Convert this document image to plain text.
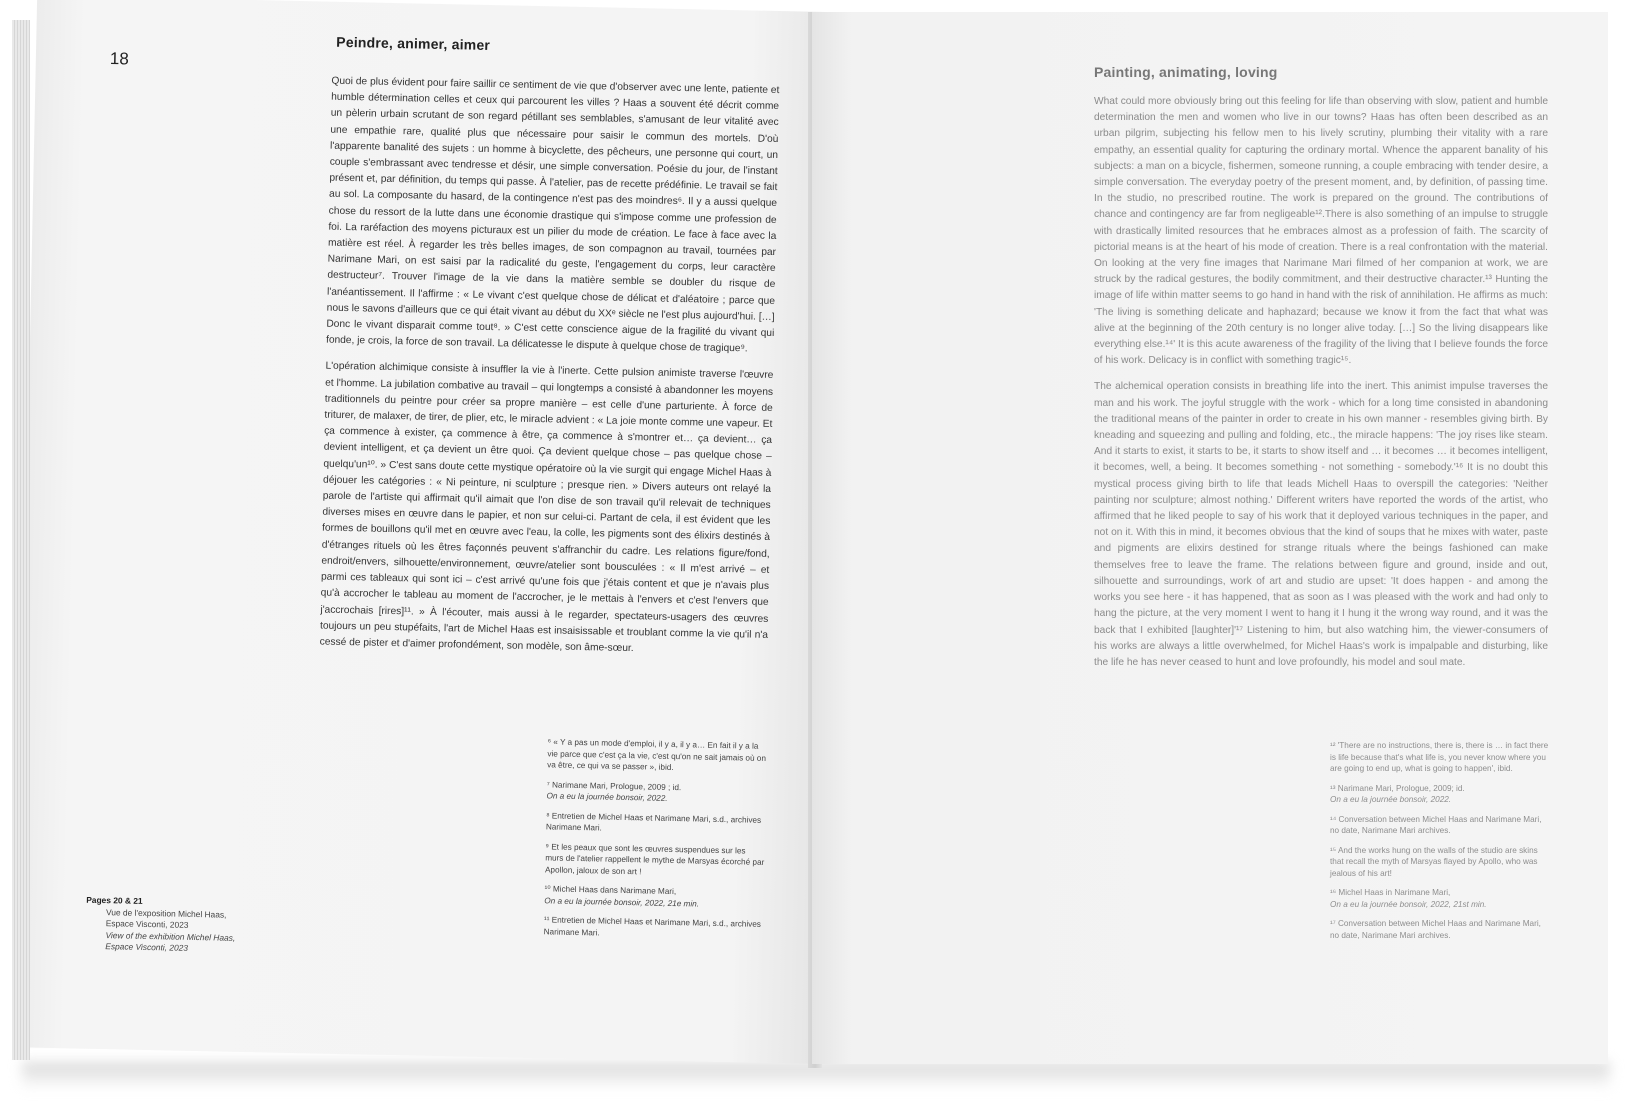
18
Peindre, animer, aimer

Quoi de plus évident pour faire saillir ce sentiment de vie que d'observer avec une lente, patiente et humble détermination celles et ceux qui parcourent les villes ? Haas a souvent été décrit comme un pèlerin urbain scrutant de son regard pétillant ses semblables, s'amusant de leur vitalité avec une empathie rare, qualité plus que nécessaire pour saisir le commun des mortels. D'où l'apparente banalité des sujets : un homme à bicyclette, des pêcheurs, une personne qui court, un couple s'embrassant avec tendresse et désir, une simple conversation. Poésie du jour, de l'instant présent et, par définition, du temps qui passe. À l'atelier, pas de recette prédéfinie. Le travail se fait au sol. La composante du hasard, de la contingence n'est pas des moindres⁶. Il y a aussi quelque chose du ressort de la lutte dans une économie drastique qui s'impose comme une profession de foi. La raréfaction des moyens picturaux est un pilier du mode de création. Le face à face avec la matière est réel. À regarder les très belles images, de son compagnon au travail, tournées par Narimane Mari, on est saisi par la radicalité du geste, l'engagement du corps, leur caractère destructeur⁷. Trouver l'image de la vie dans la matière semble se doubler du risque de l'anéantissement. Il l'affirme : « Le vivant c'est quelque chose de délicat et d'aléatoire ; parce que nous le savons d'ailleurs que ce qui était vivant au début du XXᵉ siècle ne l'est plus aujourd'hui. […] Donc le vivant disparait comme tout⁸. » C'est cette conscience aigue de la fragilité du vivant qui fonde, je crois, la force de son travail. La délicatesse le dispute à quelque chose de tragique⁹.

L'opération alchimique consiste à insuffler la vie à l'inerte. Cette pulsion animiste traverse l'œuvre et l'homme. La jubilation combative au travail – qui longtemps a consisté à abandonner les moyens traditionnels du peintre pour créer sa propre manière – est celle d'une parturiente. À force de triturer, de malaxer, de tirer, de plier, etc, le miracle advient : « La joie monte comme une vapeur. Et ça commence à exister, ça commence à être, ça commence à s'montrer et… ça devient… ça devient intelligent, et ça devient un être quoi. Ça devient quelque chose – pas quelque chose – quelqu'un¹⁰. » C'est sans doute cette mystique opératoire où la vie surgit qui engage Michel Haas à déjouer les catégories : « Ni peinture, ni sculpture ; presque rien. » Divers auteurs ont relayé la parole de l'artiste qui affirmait qu'il aimait que l'on dise de son travail qu'il relevait de techniques diverses mises en œuvre dans le papier, et non sur celui-ci. Partant de cela, il est évident que les formes de bouillons qu'il met en œuvre avec l'eau, la colle, les pigments sont des élixirs destinés à d'étranges rituels où les êtres façonnés peuvent s'affranchir du cadre. Les relations figure/fond, endroit/envers, silhouette/environnement, œuvre/atelier sont bousculées : « Il m'est arrivé – et parmi ces tableaux qui sont ici – c'est arrivé qu'une fois que j'étais content et que je n'avais plus qu'à accrocher le tableau au moment de l'accrocher, je le mettais à l'envers et c'est l'envers que j'accrochais [rires]¹¹. » À l'écouter, mais aussi à le regarder, spectateurs-usagers des œuvres toujours un peu stupéfaits, l'art de Michel Haas est insaisissable et troublant comme la vie qu'il n'a cessé de pister et d'aimer profondément, son modèle, son âme-sœur.

⁶ « Y a pas un mode d'emploi, il y a, il y a… En fait il y a la vie parce que c'est ça la vie, c'est qu'on ne sait jamais où on va être, ce qui va se passer », ibid.
⁷ Narimane Mari, Prologue, 2009 ; id.
On a eu la journée bonsoir, 2022.
⁸ Entretien de Michel Haas et Narimane Mari, s.d., archives Narimane Mari.
⁹ Et les peaux que sont les œuvres suspendues sur les murs de l'atelier rappellent le mythe de Marsyas écorché par Apollon, jaloux de son art !
¹⁰ Michel Haas dans Narimane Mari,
On a eu la journée bonsoir, 2022, 21e min.
¹¹ Entretien de Michel Haas et Narimane Mari, s.d., archives Narimane Mari.
Pages 20 & 21
Vue de l'exposition Michel Haas,
Espace Visconti, 2023
View of the exhibition Michel Haas,
Espace Visconti, 2023
Painting, animating, loving

What could more obviously bring out this feeling for life than observing with slow, patient and humble determination the men and women who live in our towns? Haas has often been described as an urban pilgrim, subjecting his fellow men to his lively scrutiny, plumbing their vitality with a rare empathy, an essential quality for capturing the ordinary mortal. Whence the apparent banality of his subjects: a man on a bicycle, fishermen, someone running, a couple embracing with tender desire, a simple conversation. The everyday poetry of the present moment, and, by definition, of passing time. In the studio, no prescribed routine. The work is prepared on the ground. The contributions of chance and contingency are far from negligeable¹².There is also something of an impulse to struggle with drastically limited resources that he embraces almost as a profession of faith. The scarcity of pictorial means is at the heart of his mode of creation. There is a real confrontation with the material. On looking at the very fine images that Narimane Mari filmed of her companion at work, we are struck by the radical gestures, the bodily commitment, and their destructive character.¹³ Hunting the image of life within matter seems to go hand in hand with the risk of annihilation. He affirms as much: 'The living is something delicate and haphazard; because we know it from the fact that what was alive at the beginning of the 20th century is no longer alive today. […] So the living disappears like everything else.¹⁴' It is this acute awareness of the fragility of the living that I believe founds the force of his work. Delicacy is in conflict with something tragic¹⁵.

The alchemical operation consists in breathing life into the inert. This animist impulse traverses the man and his work. The joyful struggle with the work - which for a long time consisted in abandoning the traditional means of the painter in order to create in his own manner - resembles giving birth. By kneading and squeezing and pulling and folding, etc., the miracle happens: 'The joy rises like steam. And it starts to exist, it starts to be, it starts to show itself and … it becomes … it becomes intelligent, it becomes, well, a being. It becomes something - not something - somebody.'¹⁶ It is no doubt this mystical process giving birth to life that leads Michell Haas to overspill the categories: 'Neither painting nor sculpture; almost nothing.' Different writers have reported the words of the artist, who affirmed that he liked people to say of his work that it deployed various techniques in the paper, and not on it. With this in mind, it becomes obvious that the kind of soups that he mixes with water, paste and pigments are elixirs destined for strange rituals where the beings fashioned can make themselves free to leave the frame. The relations between figure and ground, inside and out, silhouette and surroundings, work of art and studio are upset: 'It does happen - and among the works you see here - it has happened, that as soon as I was pleased with the work and had only to hang the picture, at the very moment I went to hang it I hung it the wrong way round, and it was the back that I exhibited [laughter]'¹⁷ Listening to him, but also watching him, the viewer-consumers of his works are always a little overwhelmed, for Michel Haas's work is impalpable and disturbing, like the life he has never ceased to hunt and love profoundly, his model and soul mate.

¹² 'There are no instructions, there is, there is … in fact there is life because that's what life is, you never know where you are going to end up, what is going to happen', ibid.
¹³ Narimane Mari, Prologue, 2009; id.
On a eu la journée bonsoir, 2022.
¹⁴ Conversation between Michel Haas and Narimane Mari, no date, Narimane Mari archives.
¹⁵ And the works hung on the walls of the studio are skins that recall the myth of Marsyas flayed by Apollo, who was jealous of his art!
¹⁶ Michel Haas in Narimane Mari,
On a eu la journée bonsoir, 2022, 21st min.
¹⁷ Conversation between Michel Haas and Narimane Mari, no date, Narimane Mari archives.
